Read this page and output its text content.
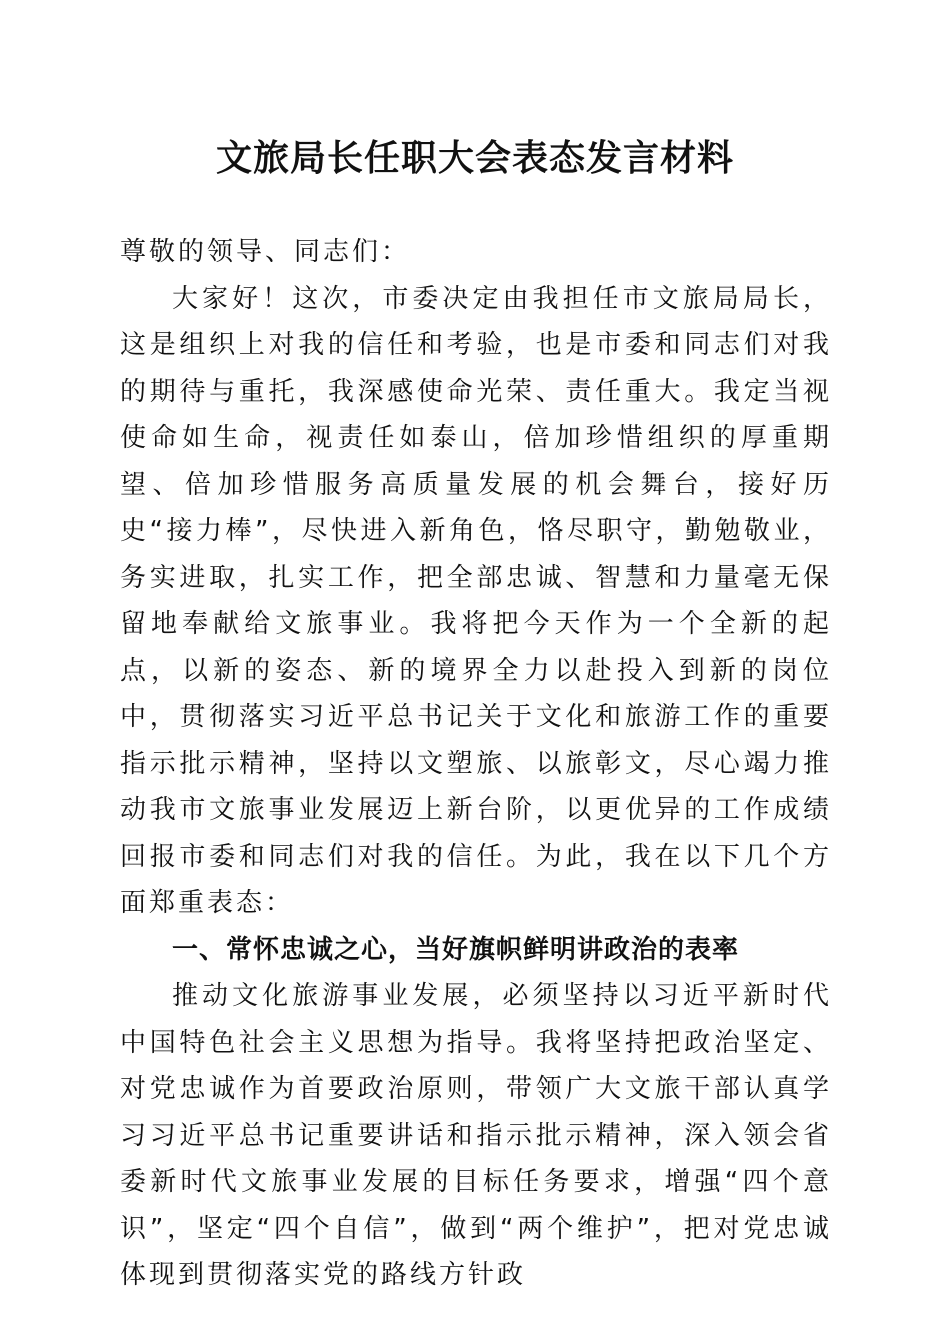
文旅局长任职大会表态发言材料

尊敬的领导、同志们：

大家好！这次，市委决定由我担任市文旅局局长，这是组织上对我的信任和考验，也是市委和同志们对我的期待与重托，我深感使命光荣、责任重大。我定当视使命如生命，视责任如泰山，倍加珍惜组织的厚重期望、倍加珍惜服务高质量发展的机会舞台，接好历史“接力棒”，尽快进入新角色，恪尽职守，勤勉敬业，务实进取，扎实工作，把全部忠诚、智慧和力量毫无保留地奉献给文旅事业。我将把今天作为一个全新的起点，以新的姿态、新的境界全力以赴投入到新的岗位中，贯彻落实习近平总书记关于文化和旅游工作的重要指示批示精神，坚持以文塑旅、以旅彰文，尽心竭力推动我市文旅事业发展迈上新台阶，以更优异的工作成绩回报市委和同志们对我的信任。为此，我在以下几个方面郑重表态：

一、常怀忠诚之心，当好旗帜鲜明讲政治的表率

推动文化旅游事业发展，必须坚持以习近平新时代中国特色社会主义思想为指导。我将坚持把政治坚定、对党忠诚作为首要政治原则，带领广大文旅干部认真学习习近平总书记重要讲话和指示批示精神，深入领会省委新时代文旅事业发展的目标任务要求，增强“四个意识”，坚定“四个自信”，做到“两个维护”，把对党忠诚体现到贯彻落实党的路线方针政
